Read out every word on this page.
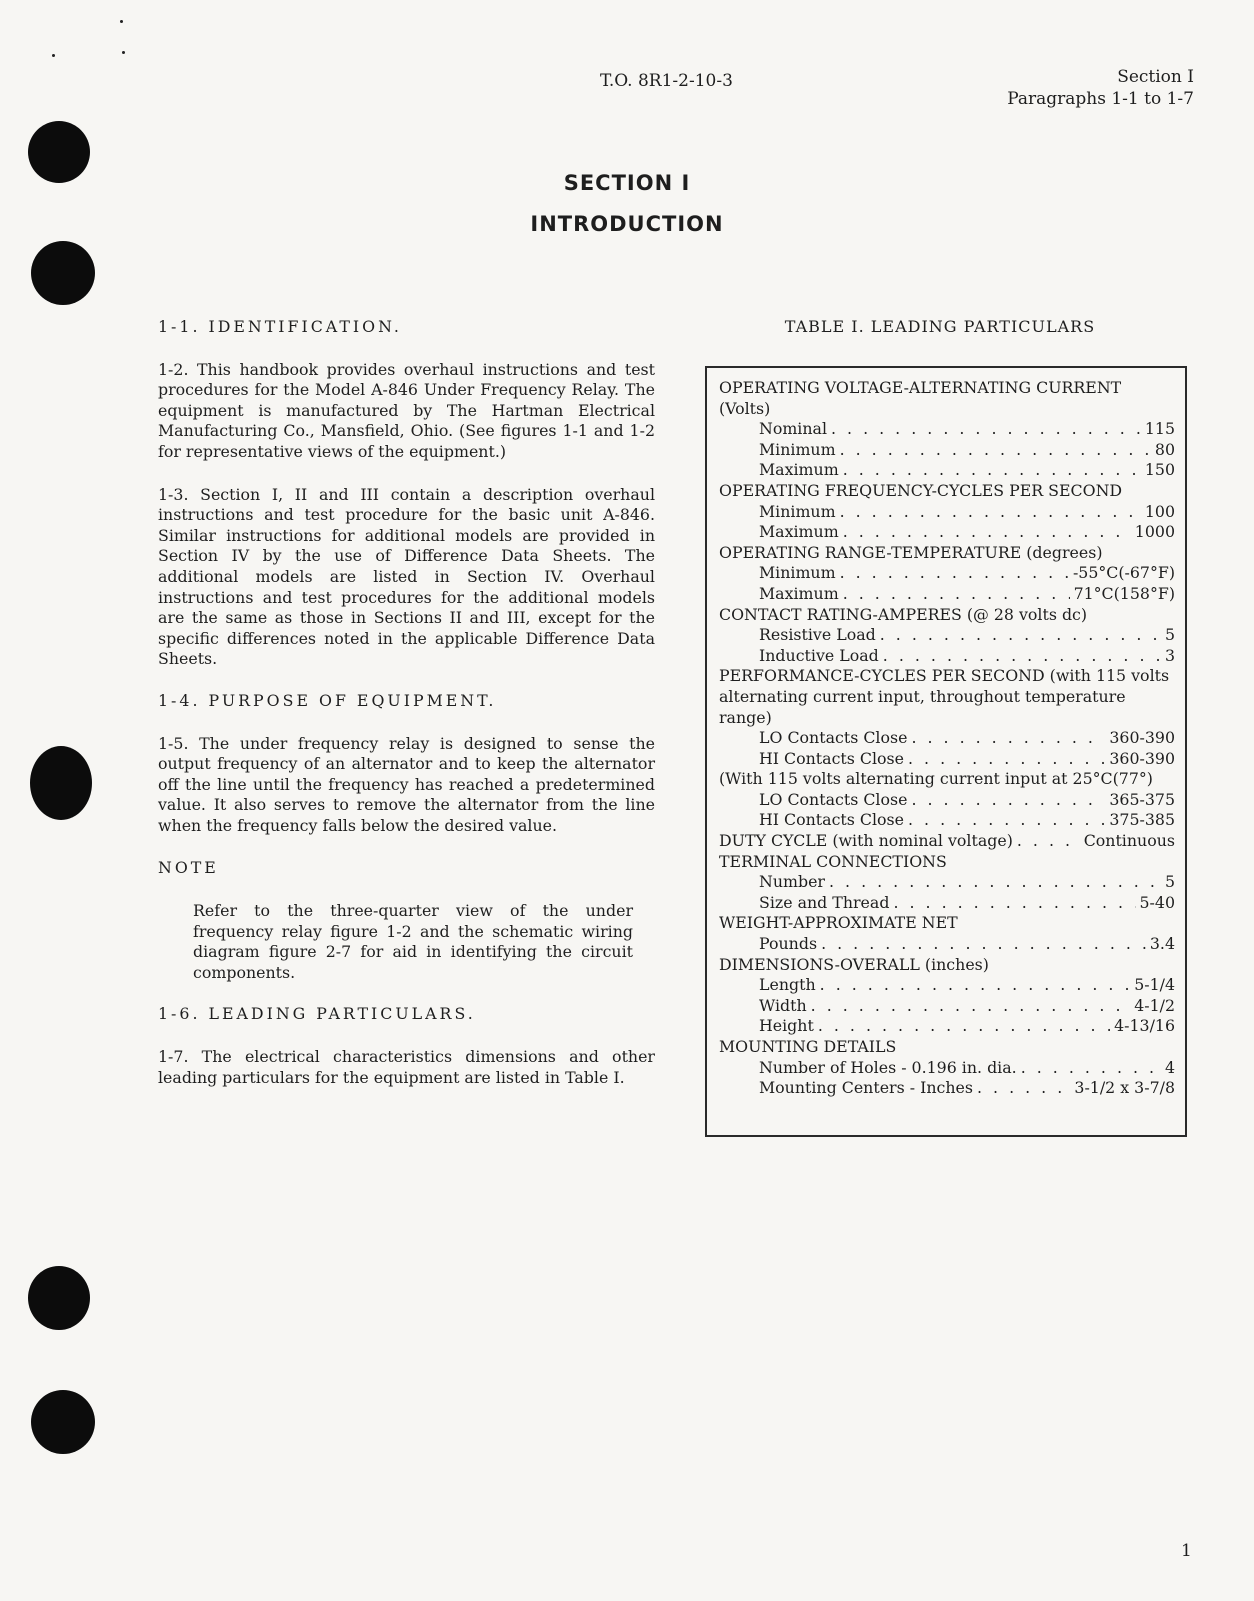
T.O. 8R1-2-10-3	Section I
Paragraphs 1-1 to 1-7
SECTION I
INTRODUCTION

1-1. IDENTIFICATION.

1-2. This handbook provides overhaul instructions and test procedures for the Model A-846 Under Frequency Relay. The equipment is manufactured by The Hartman Electrical Manufacturing Co., Mansfield, Ohio. (See figures 1-1 and 1-2 for representative views of the equipment.)

1-3. Section I, II and III contain a description overhaul instructions and test procedure for the basic unit A-846. Similar instructions for additional models are provided in Section IV by the use of Difference Data Sheets. The additional models are listed in Section IV. Overhaul instructions and test procedures for the additional models are the same as those in Sections II and III, except for the specific differences noted in the applicable Difference Data Sheets.

1-4. PURPOSE OF EQUIPMENT.

1-5. The under frequency relay is designed to sense the output frequency of an alternator and to keep the alternator off the line until the frequency has reached a predetermined value. It also serves to remove the alternator from the line when the frequency falls below the desired value.

NOTE

Refer to the three-quarter view of the under frequency relay figure 1-2 and the schematic wiring diagram figure 2-7 for aid in identifying the circuit components.

1-6. LEADING PARTICULARS.

1-7. The electrical characteristics dimensions and other leading particulars for the equipment are listed in Table I.

TABLE I. LEADING PARTICULARS
OPERATING VOLTAGE-ALTERNATING CURRENT (Volts)
Nominal . . .	115
Minimum . . .	80
Maximum . . .	150
OPERATING FREQUENCY-CYCLES PER SECOND
Minimum . . .	100
Maximum . . .	1000
OPERATING RANGE-TEMPERATURE (degrees)
Minimum . . .	-55°C(-67°F)
Maximum . . .	71°C(158°F)
CONTACT RATING-AMPERES (@ 28 volts dc)
Resistive Load . . .	5
Inductive Load . . .	3
PERFORMANCE-CYCLES PER SECOND (with 115 volts alternating current input, throughout temperature range)
LO Contacts Close . . .	360-390
HI Contacts Close . . .	360-390
(With 115 volts alternating current input at 25°C(77°)
LO Contacts Close . . .	365-375
HI Contacts Close . . .	375-385
DUTY CYCLE (with nominal voltage) . . .	Continuous
TERMINAL CONNECTIONS
Number . . .	5
Size and Thread . . .	5-40
WEIGHT-APPROXIMATE NET
Pounds . . .	3.4
DIMENSIONS-OVERALL (inches)
Length . . .	5-1/4
Width . . .	4-1/2
Height . . .	4-13/16
MOUNTING DETAILS
Number of Holes - 0.196 in. dia. . . .	4
Mounting Centers - Inches . . .	3-1/2 x 3-7/8
1
